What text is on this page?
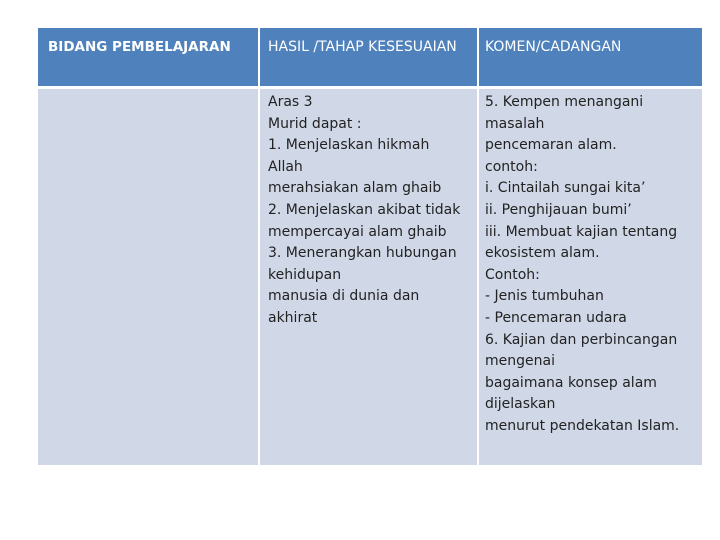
BIDANG PEMBELAJARAN	HASIL /TAHAP KESESUAIAN	KOMEN/CADANGAN
Aras 3
Murid dapat :
1. Menjelaskan hikmah
Allah
merahsiakan alam ghaib
2. Menjelaskan akibat tidak
mempercayai alam ghaib
3. Menerangkan hubungan
kehidupan
manusia di dunia dan
akhirat
5. Kempen menangani
masalah
pencemaran alam.
contoh:
i. Cintailah sungai kita’
ii. Penghijauan bumi’
iii. Membuat kajian tentang
ekosistem alam.
Contoh:
- Jenis tumbuhan
- Pencemaran udara
6. Kajian dan perbincangan
mengenai
bagaimana konsep alam
dijelaskan
menurut pendekatan Islam.
